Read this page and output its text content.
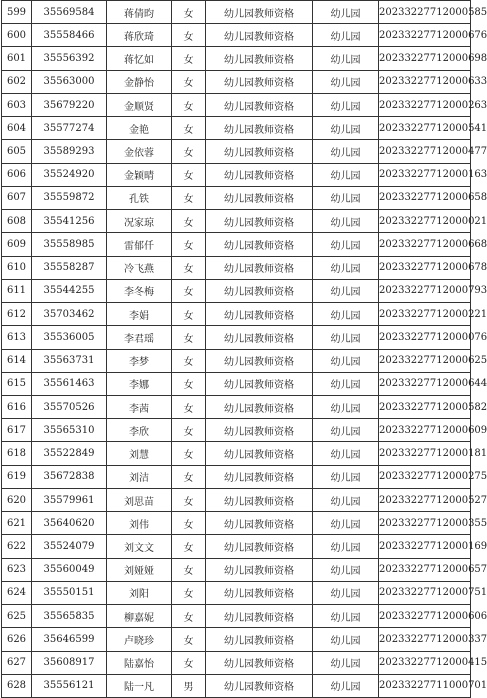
599	35569584	蒋倩昀	女	幼儿园教师资格	幼儿园	20233227712000585
600	35558466	蒋欣琦	女	幼儿园教师资格	幼儿园	20233227712000676
601	35556392	蒋忆如	女	幼儿园教师资格	幼儿园	20233227712000698
602	35563000	金静怡	女	幼儿园教师资格	幼儿园	20233227712000633
603	35679220	金顺贤	女	幼儿园教师资格	幼儿园	20233227712000263
604	35577274	金艳	女	幼儿园教师资格	幼儿园	20233227712000541
605	35589293	金依蓉	女	幼儿园教师资格	幼儿园	20233227712000477
606	35524920	金颖晴	女	幼儿园教师资格	幼儿园	20233227712000163
607	35559872	孔铁	女	幼儿园教师资格	幼儿园	20233227712000658
608	35541256	况家琼	女	幼儿园教师资格	幼儿园	20233227712000021
609	35558985	雷郁仟	女	幼儿园教师资格	幼儿园	20233227712000668
610	35558287	冷飞燕	女	幼儿园教师资格	幼儿园	20233227712000678
611	35544255	李冬梅	女	幼儿园教师资格	幼儿园	20233227712000793
612	35703462	李娟	女	幼儿园教师资格	幼儿园	20233227712000221
613	35536005	李君瑶	女	幼儿园教师资格	幼儿园	20233227712000076
614	35563731	李梦	女	幼儿园教师资格	幼儿园	20233227712000625
615	35561463	李娜	女	幼儿园教师资格	幼儿园	20233227712000644
616	35570526	李茜	女	幼儿园教师资格	幼儿园	20233227712000582
617	35565310	李欣	女	幼儿园教师资格	幼儿园	20233227712000609
618	35522849	刘慧	女	幼儿园教师资格	幼儿园	20233227712000181
619	35672838	刘洁	女	幼儿园教师资格	幼儿园	20233227712000275
620	35579961	刘思苗	女	幼儿园教师资格	幼儿园	20233227712000527
621	35640620	刘伟	女	幼儿园教师资格	幼儿园	20233227712000355
622	35524079	刘文文	女	幼儿园教师资格	幼儿园	20233227712000169
623	35560049	刘娅娅	女	幼儿园教师资格	幼儿园	20233227712000657
624	35550151	刘阳	女	幼儿园教师资格	幼儿园	20233227712000751
625	35565835	柳嘉妮	女	幼儿园教师资格	幼儿园	20233227712000606
626	35646599	卢晓珍	女	幼儿园教师资格	幼儿园	20233227712000337
627	35608917	陆嘉怡	女	幼儿园教师资格	幼儿园	20233227712000415
628	35556121	陆一凡	男	幼儿园教师资格	幼儿园	20233227711000701
